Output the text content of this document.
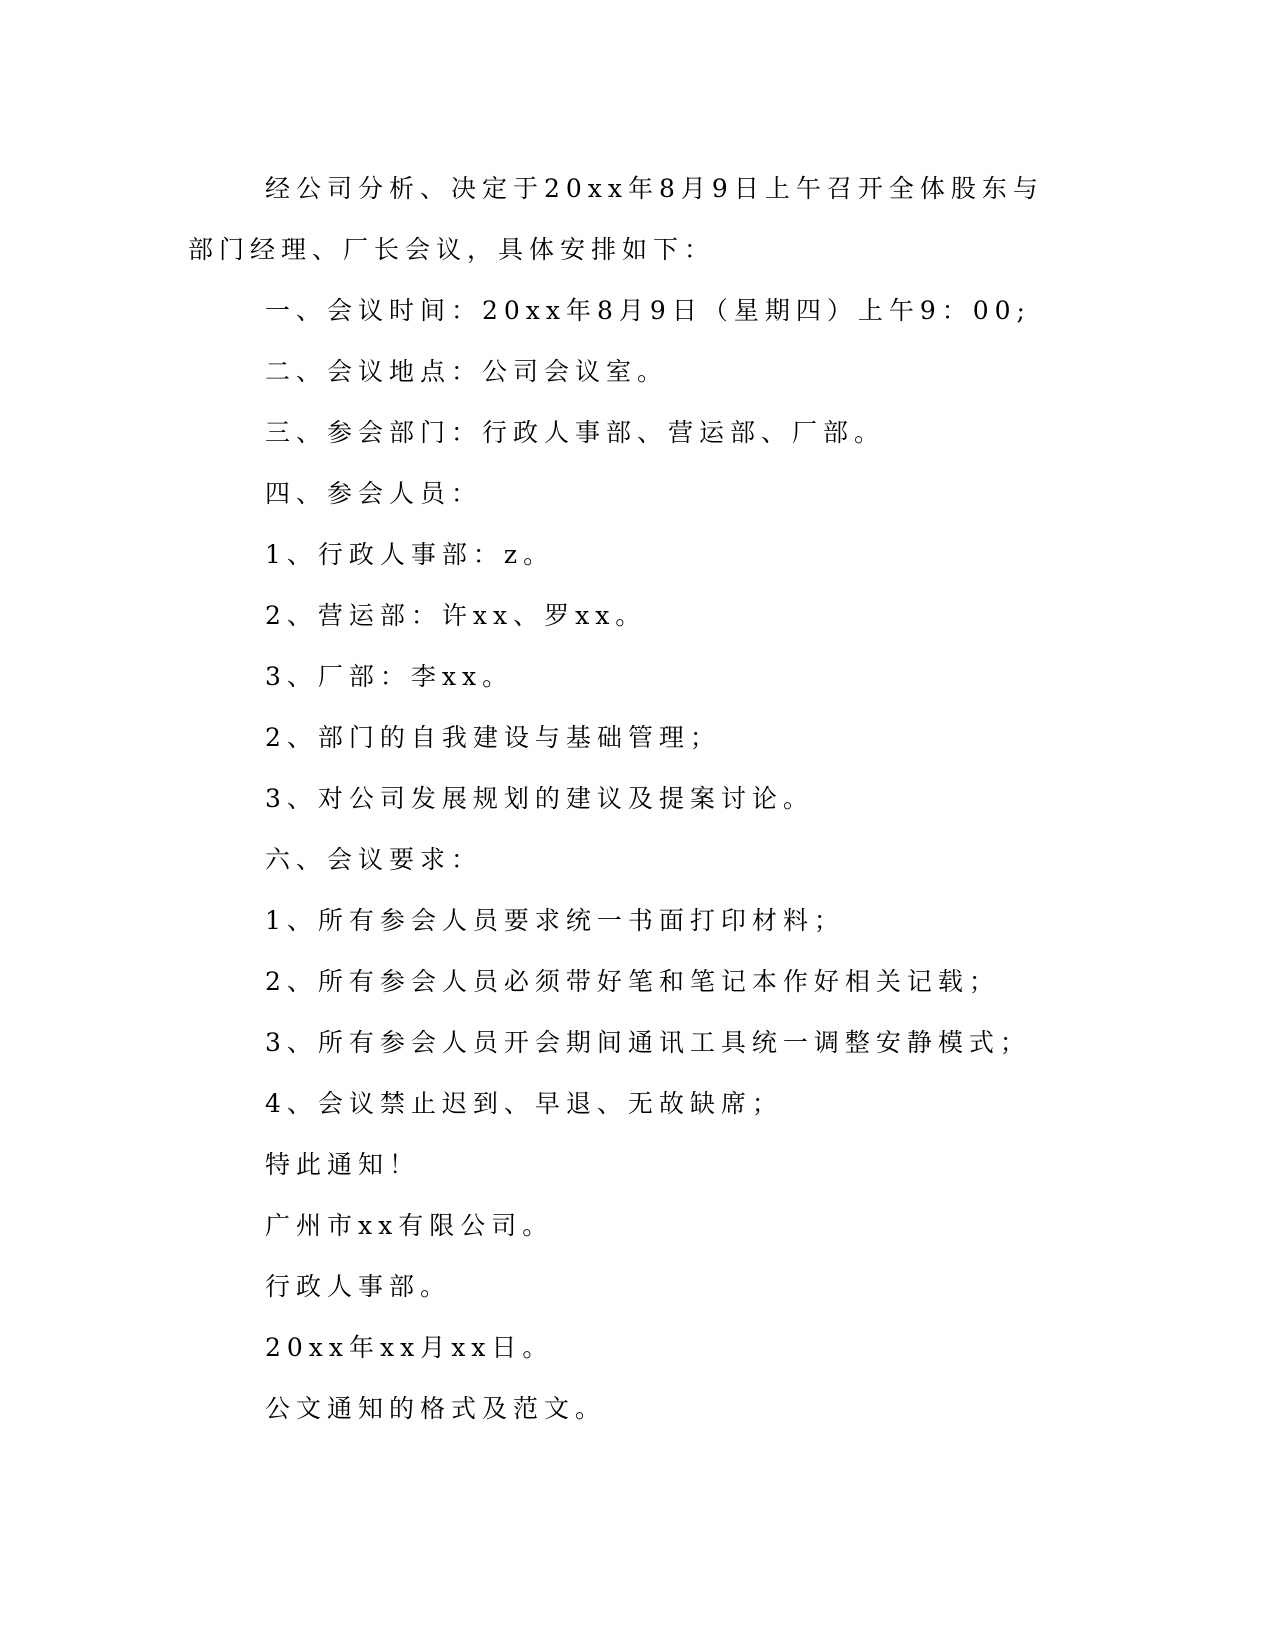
经公司分析、决定于20xx年8月9日上午召开全体股东与部门经理、厂长会议，具体安排如下：

一、会议时间：20xx年8月9日（星期四）上午9：00;

二、会议地点：公司会议室。

三、参会部门：行政人事部、营运部、厂部。

四、参会人员：

1、行政人事部：z。

2、营运部：许xx、罗xx。

3、厂部：李xx。

2、部门的自我建设与基础管理；

3、对公司发展规划的建议及提案讨论。

六、会议要求：

1、所有参会人员要求统一书面打印材料；

2、所有参会人员必须带好笔和笔记本作好相关记载；

3、所有参会人员开会期间通讯工具统一调整安静模式；

4、会议禁止迟到、早退、无故缺席；

特此通知！

广州市xx有限公司。

行政人事部。

20xx年xx月xx日。

公文通知的格式及范文。
